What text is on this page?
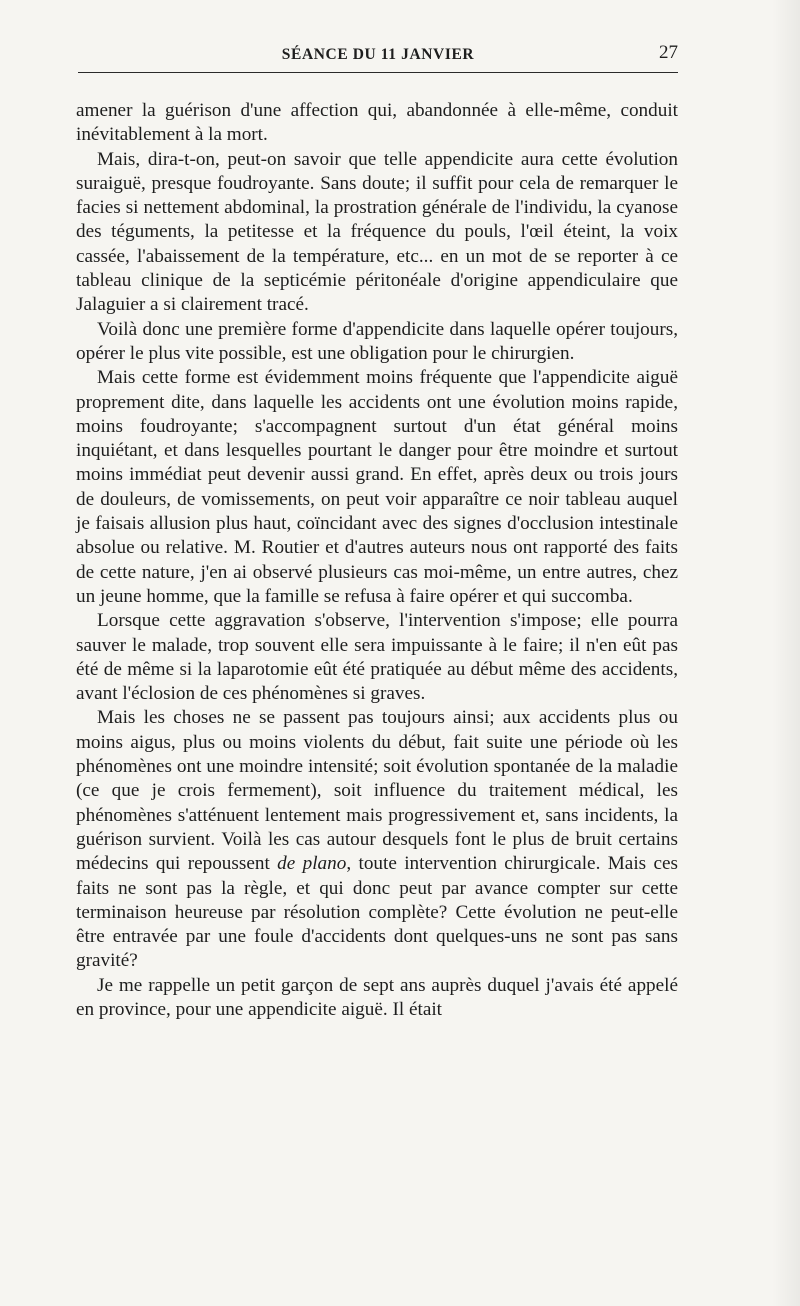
SÉANCE DU 11 JANVIER	27

amener la guérison d'une affection qui, abandonnée à elle-même, conduit inévitablement à la mort.

Mais, dira-t-on, peut-on savoir que telle appendicite aura cette évolution suraiguë, presque foudroyante. Sans doute; il suffit pour cela de remarquer le facies si nettement abdominal, la prostration générale de l'individu, la cyanose des téguments, la petitesse et la fréquence du pouls, l'œil éteint, la voix cassée, l'abaissement de la température, etc... en un mot de se reporter à ce tableau clinique de la septicémie péritonéale d'origine appendiculaire que Jalaguier a si clairement tracé.

Voilà donc une première forme d'appendicite dans laquelle opérer toujours, opérer le plus vite possible, est une obligation pour le chirurgien.

Mais cette forme est évidemment moins fréquente que l'appendicite aiguë proprement dite, dans laquelle les accidents ont une évolution moins rapide, moins foudroyante; s'accompagnent surtout d'un état général moins inquiétant, et dans lesquelles pourtant le danger pour être moindre et surtout moins immédiat peut devenir aussi grand. En effet, après deux ou trois jours de douleurs, de vomissements, on peut voir apparaître ce noir tableau auquel je faisais allusion plus haut, coïncidant avec des signes d'occlusion intestinale absolue ou relative. M. Routier et d'autres auteurs nous ont rapporté des faits de cette nature, j'en ai observé plusieurs cas moi-même, un entre autres, chez un jeune homme, que la famille se refusa à faire opérer et qui succomba.

Lorsque cette aggravation s'observe, l'intervention s'impose; elle pourra sauver le malade, trop souvent elle sera impuissante à le faire; il n'en eût pas été de même si la laparotomie eût été pratiquée au début même des accidents, avant l'éclosion de ces phénomènes si graves.

Mais les choses ne se passent pas toujours ainsi; aux accidents plus ou moins aigus, plus ou moins violents du début, fait suite une période où les phénomènes ont une moindre intensité; soit évolution spontanée de la maladie (ce que je crois fermement), soit influence du traitement médical, les phénomènes s'atténuent lentement mais progressivement et, sans incidents, la guérison survient. Voilà les cas autour desquels font le plus de bruit certains médecins qui repoussent de plano, toute intervention chirurgicale. Mais ces faits ne sont pas la règle, et qui donc peut par avance compter sur cette terminaison heureuse par résolution complète? Cette évolution ne peut-elle être entravée par une foule d'accidents dont quelques-uns ne sont pas sans gravité?

Je me rappelle un petit garçon de sept ans auprès duquel j'avais été appelé en province, pour une appendicite aiguë. Il était
